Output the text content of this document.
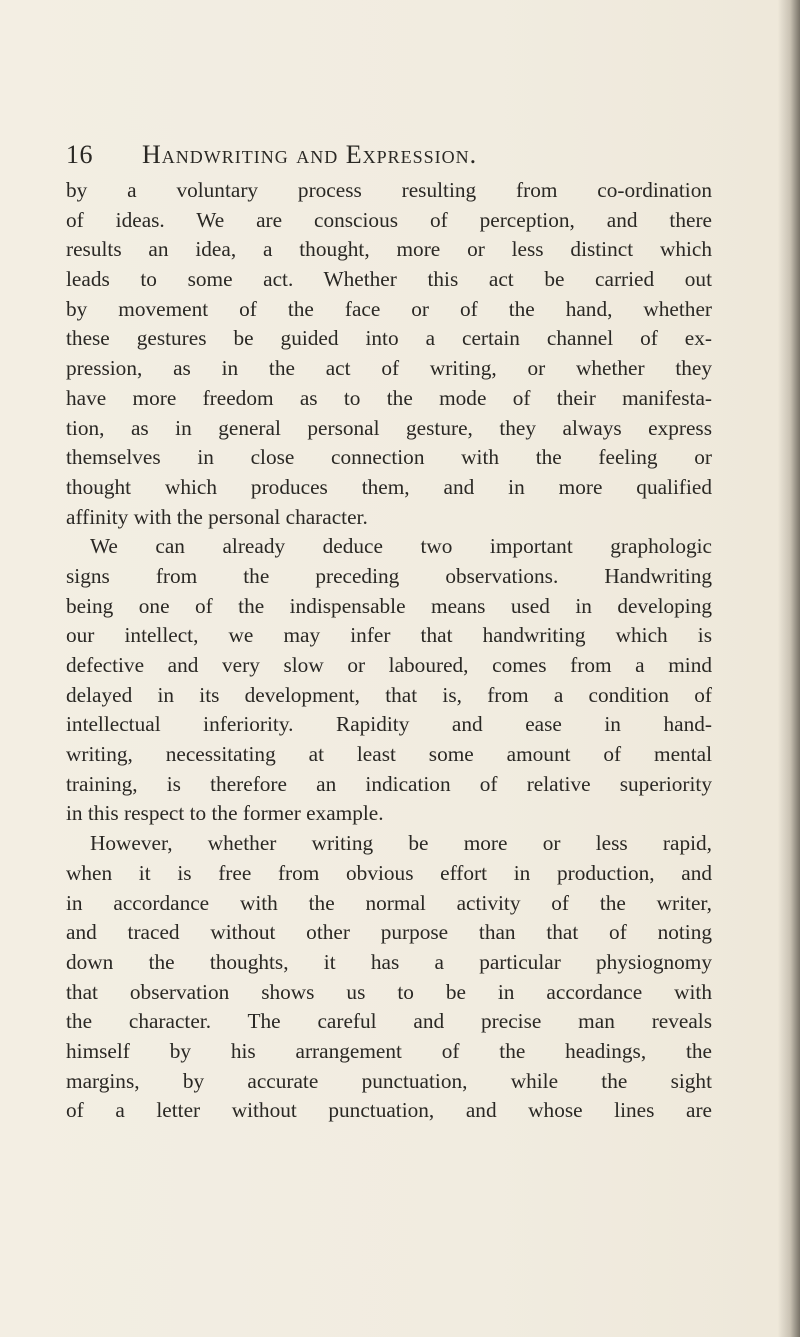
16 Handwriting and Expression.
by a voluntary process resulting from co-ordination
of ideas. We are conscious of perception, and there
results an idea, a thought, more or less distinct which
leads to some act. Whether this act be carried out
by movement of the face or of the hand, whether
these gestures be guided into a certain channel of ex-
pression, as in the act of writing, or whether they
have more freedom as to the mode of their manifesta-
tion, as in general personal gesture, they always express
themselves in close connection with the feeling or
thought which produces them, and in more qualified
affinity with the personal character.
We can already deduce two important graphologic
signs from the preceding observations. Handwriting
being one of the indispensable means used in developing
our intellect, we may infer that handwriting which is
defective and very slow or laboured, comes from a mind
delayed in its development, that is, from a condition of
intellectual inferiority. Rapidity and ease in hand-
writing, necessitating at least some amount of mental
training, is therefore an indication of relative superiority
in this respect to the former example.
However, whether writing be more or less rapid,
when it is free from obvious effort in production, and
in accordance with the normal activity of the writer,
and traced without other purpose than that of noting
down the thoughts, it has a particular physiognomy
that observation shows us to be in accordance with
the character. The careful and precise man reveals
himself by his arrangement of the headings, the
margins, by accurate punctuation, while the sight
of a letter without punctuation, and whose lines are
